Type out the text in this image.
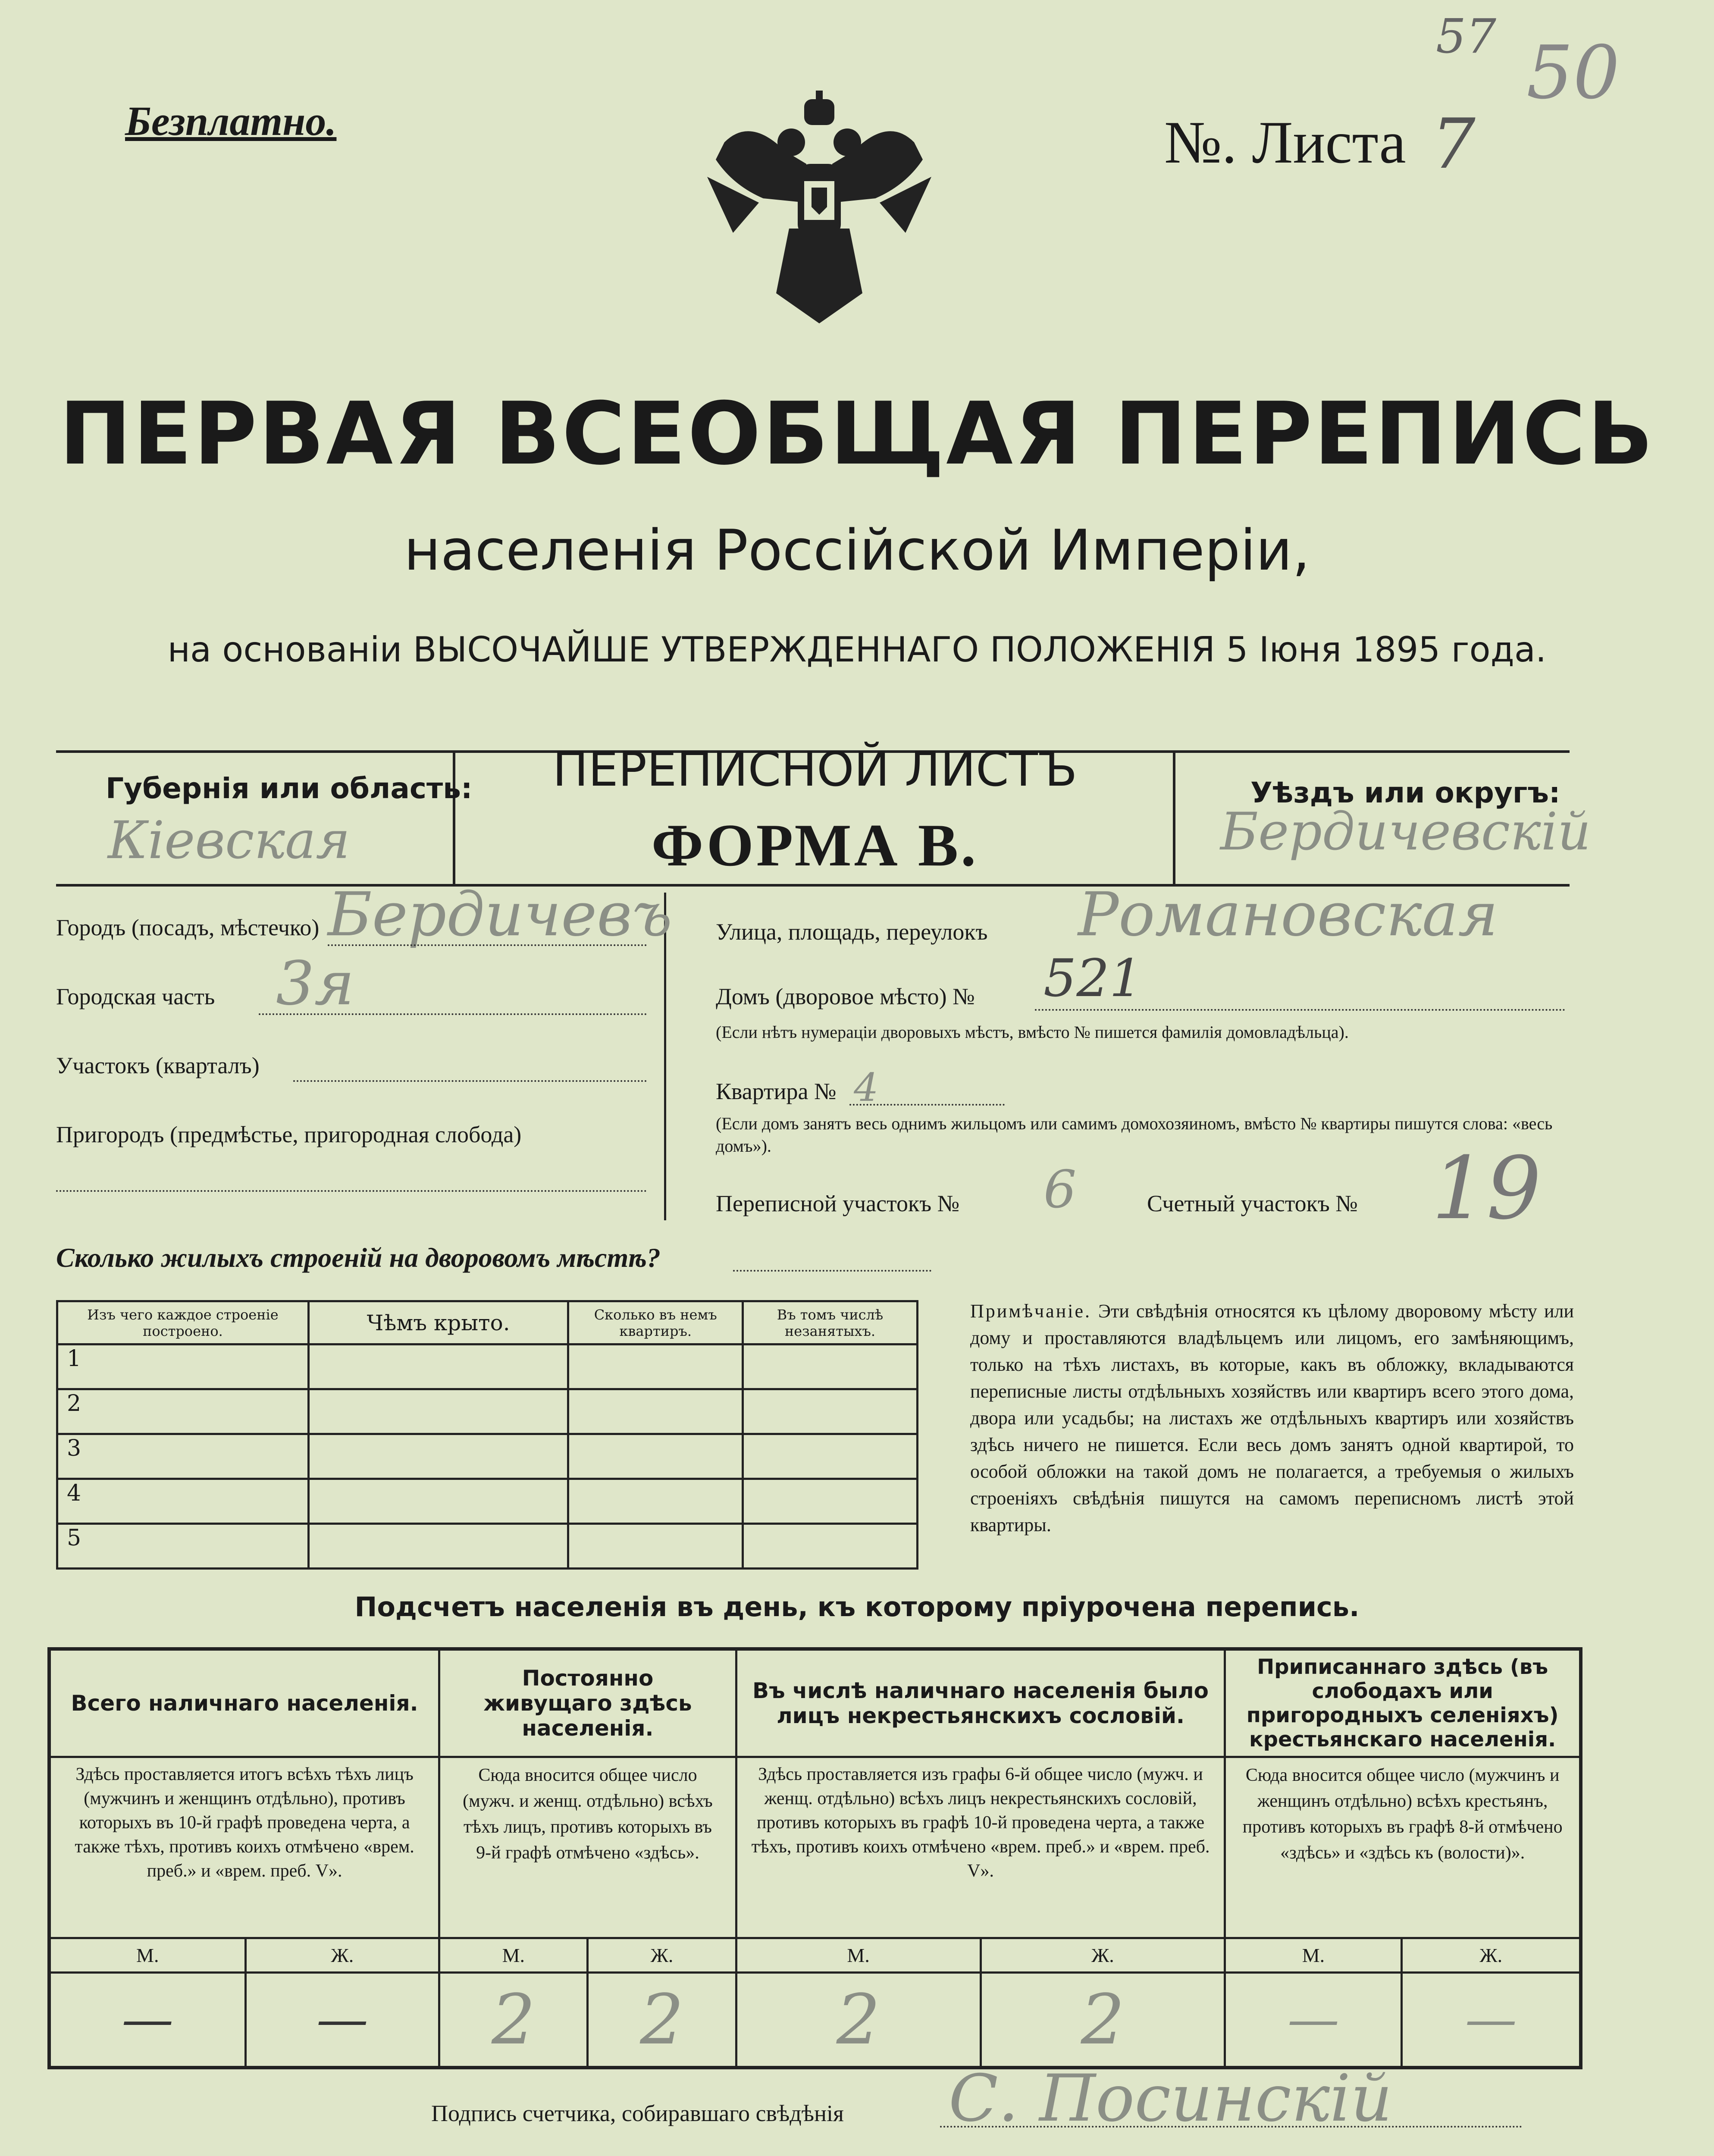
Безплатно.	№. Листа 7
57 50
ПЕРВАЯ ВСЕОБЩАЯ ПЕРЕПИСЬ
населенія Россійской Имперіи,
на основаніи ВЫСОЧАЙШЕ УТВЕРЖДЕННАГО ПОЛОЖЕНІЯ 5 Іюня 1895 года.
Губернія или область:
Кіевская
ПЕРЕПИСНОЙ ЛИСТЪ
ФОРМА В.
Уѣздъ или округъ:
Бердичевскій
Городъ (посадъ, мѣстечко) Бердичевъ
Городская часть 3я
Участокъ (кварталъ)
Пригородъ (предмѣстье, пригородная слобода)
Улица, площадь, переулокъ Романовская
Домъ (дворовое мѣсто) № 521
(Если нѣтъ нумераціи дворовыхъ мѣстъ, вмѣсто № пишется фамилія домовладѣльца).
Квартира № 4
(Если домъ занятъ весь однимъ жильцомъ или самимъ домохозяиномъ, вмѣсто № квартиры пишутся слова: «весь домъ»).
Переписной участокъ № 6	Счетный участокъ № 19
Сколько жилыхъ строеній на дворовомъ мѣстѣ?
Изъ чего каждое строеніе построено.	Чѣмъ крыто.	Сколько въ немъ квартиръ.	Въ томъ числѣ незанятыхъ.
1			
2			
3			
4			
5			
Примѣчаніе. Эти свѣдѣнія относятся къ цѣлому дворовому мѣсту или дому и проставляются владѣльцемъ или лицомъ, его замѣняющимъ, только на тѣхъ листахъ, въ которые, какъ въ обложку, вкладываются переписные листы отдѣльныхъ хозяйствъ или квартиръ всего этого дома, двора или усадьбы; на листахъ же отдѣльныхъ квартиръ или хозяйствъ здѣсь ничего не пишется. Если весь домъ занятъ одной квартирой, то особой обложки на такой домъ не полагается, а требуемыя о жилыхъ строеніяхъ свѣдѣнія пишутся на самомъ переписномъ листѣ этой квартиры.
Подсчетъ населенія въ день, къ которому пріурочена перепись.
Всего наличнаго населенія.		Постоянно живущаго здѣсь населенія.		Въ числѣ наличнаго населенія было лицъ некрестьянскихъ сословій.		Приписаннаго здѣсь (въ слободахъ или пригородныхъ селеніяхъ) крестьянскаго населенія.	
Здѣсь проставляется итогъ всѣхъ тѣхъ лицъ (мужчинъ и женщинъ отдѣльно), противъ которыхъ въ 10-й графѣ проведена черта, а также тѣхъ, противъ коихъ отмѣчено «врем. преб.» и «врем. преб. V».		Сюда вносится общее число (мужч. и женщ. отдѣльно) всѣхъ тѣхъ лицъ, противъ которыхъ въ 9-й графѣ отмѣчено «здѣсь».		Здѣсь проставляется изъ графы 6-й общее число (мужч. и женщ. отдѣльно) всѣхъ лицъ некрестьянскихъ сословій, противъ которыхъ въ графѣ 10-й проведена черта, а также тѣхъ, противъ коихъ отмѣчено «врем. преб.» и «врем. преб. V».		Сюда вносится общее число (мужчинъ и женщинъ отдѣльно) всѣхъ крестьянъ, противъ которыхъ въ графѣ 8-й отмѣчено «здѣсь» и «здѣсь къ (волости)».	
М.	Ж.	М.	Ж.	М.	Ж.	М.	Ж.
—	—	2	2	2	2	—	—
Подпись счетчика, собиравшаго свѣдѣнія С. Посинскій
